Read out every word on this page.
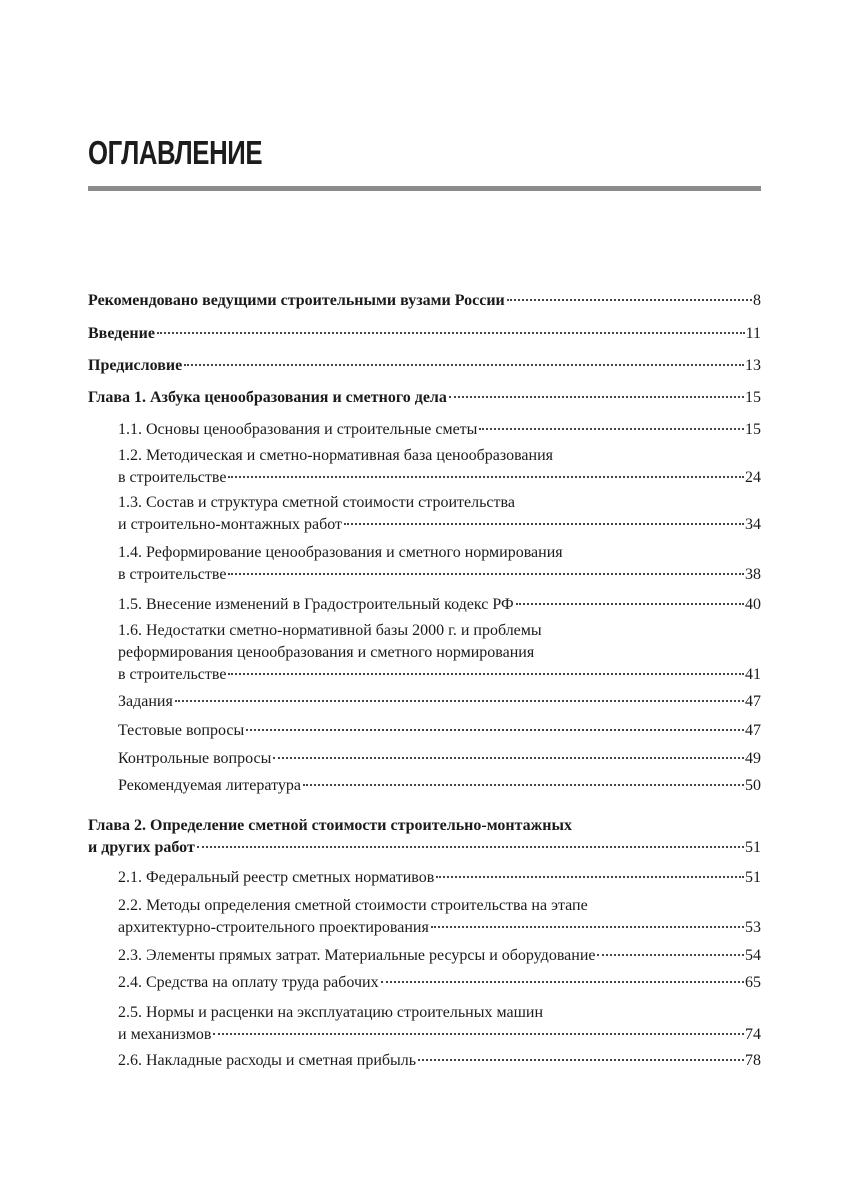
ОГЛАВЛЕНИЕ
Рекомендовано ведущими строительными вузами России	8
Введение	11
Предисловие	13
Глава 1. Азбука ценообразования и сметного дела	15
1.1. Основы ценообразования и строительные сметы	15
1.2. Методическая и сметно-нормативная база ценообразования
в строительстве	24
1.3. Состав и структура сметной стоимости строительства
и строительно-монтажных работ	34
1.4. Реформирование ценообразования и сметного нормирования
в строительстве	38
1.5. Внесение изменений в Градостроительный кодекс РФ	40
1.6. Недостатки сметно-нормативной базы 2000 г. и проблемы
реформирования ценообразования и сметного нормирования
в строительстве	41
Задания	47
Тестовые вопросы	47
Контрольные вопросы	49
Рекомендуемая литература	50
Глава 2. Определение сметной стоимости строительно-монтажных
и других работ	51
2.1. Федеральный реестр сметных нормативов	51
2.2. Методы определения сметной стоимости строительства на этапе
архитектурно-строительного проектирования	53
2.3. Элементы прямых затрат. Материальные ресурсы и оборудование	54
2.4. Средства на оплату труда рабочих	65
2.5. Нормы и расценки на эксплуатацию строительных машин
и механизмов	74
2.6. Накладные расходы и сметная прибыль	78
